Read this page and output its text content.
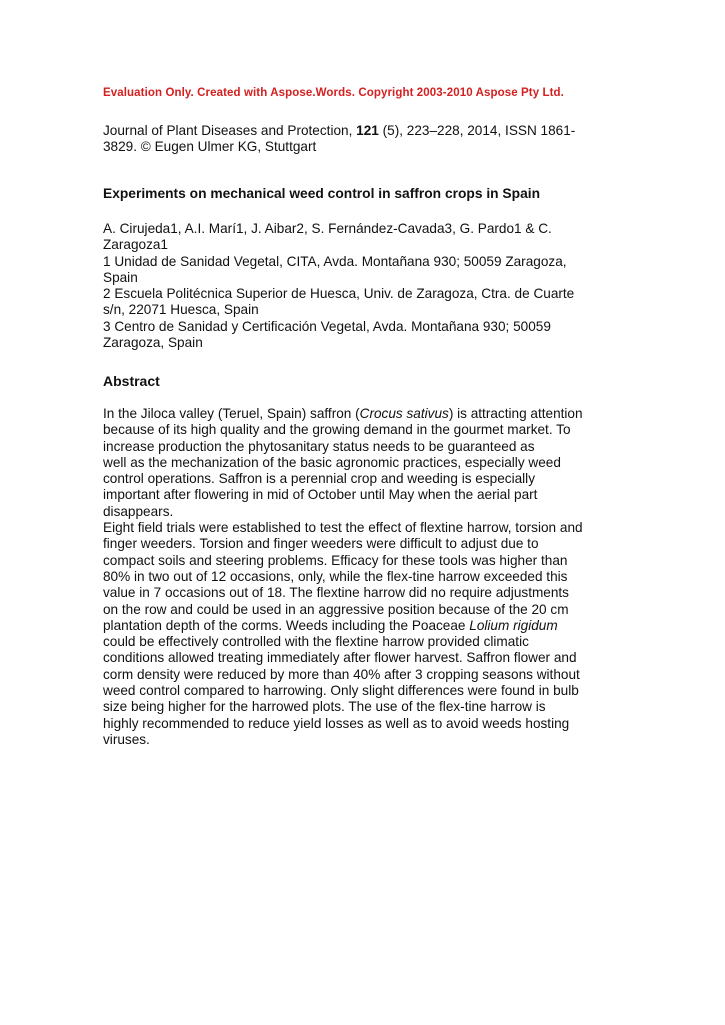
Evaluation Only. Created with Aspose.Words. Copyright 2003-2010 Aspose Pty Ltd.
Journal of Plant Diseases and Protection, 121 (5), 223–228, 2014, ISSN 1861-
3829. © Eugen Ulmer KG, Stuttgart
Experiments on mechanical weed control in saffron crops in Spain
A. Cirujeda1, A.I. Marí1, J. Aibar2, S. Fernández-Cavada3, G. Pardo1 & C.
Zaragoza1
1 Unidad de Sanidad Vegetal, CITA, Avda. Montañana 930; 50059 Zaragoza,
Spain
2 Escuela Politécnica Superior de Huesca, Univ. de Zaragoza, Ctra. de Cuarte
s/n, 22071 Huesca, Spain
3 Centro de Sanidad y Certificación Vegetal, Avda. Montañana 930; 50059
Zaragoza, Spain
Abstract
In the Jiloca valley (Teruel, Spain) saffron (Crocus sativus) is attracting attention
because of its high quality and the growing demand in the gourmet market. To
increase production the phytosanitary status needs to be guaranteed as
well as the mechanization of the basic agronomic practices, especially weed
control operations. Saffron is a perennial crop and weeding is especially
important after flowering in mid of October until May when the aerial part
disappears.
Eight field trials were established to test the effect of flextine harrow, torsion and
finger weeders. Torsion and finger weeders were difficult to adjust due to
compact soils and steering problems. Efficacy for these tools was higher than
80% in two out of 12 occasions, only, while the flex-tine harrow exceeded this
value in 7 occasions out of 18. The flextine harrow did no require adjustments
on the row and could be used in an aggressive position because of the 20 cm
plantation depth of the corms. Weeds including the Poaceae Lolium rigidum
could be effectively controlled with the flextine harrow provided climatic
conditions allowed treating immediately after flower harvest. Saffron flower and
corm density were reduced by more than 40% after 3 cropping seasons without
weed control compared to harrowing. Only slight differences were found in bulb
size being higher for the harrowed plots. The use of the flex-tine harrow is
highly recommended to reduce yield losses as well as to avoid weeds hosting
viruses.
